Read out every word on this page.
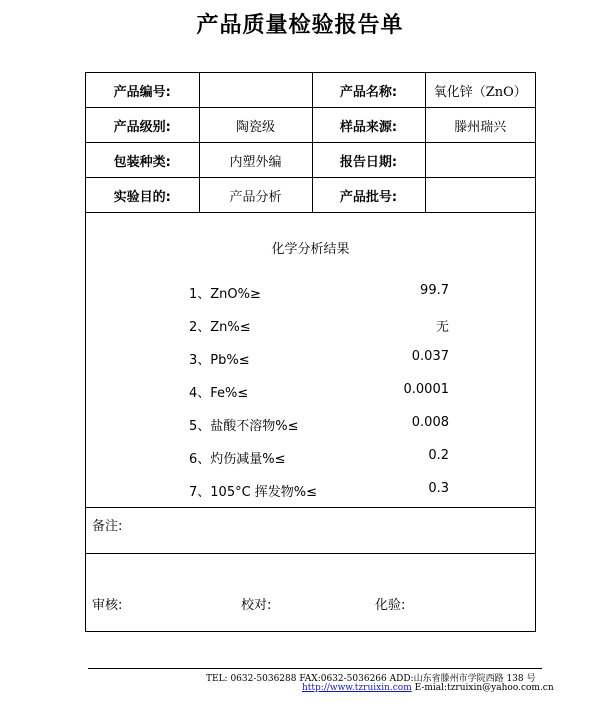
产品质量检验报告单
产品编号:		产品名称:	氧化锌（ZnO）
产品级别:	陶瓷级	样品来源:	滕州瑞兴
包装种类:	内塑外编	报告日期:	
实验目的:	产品分析	产品批号:	
化学分析结果
1、ZnO%≥	99.7
2、Zn%≤	无
3、Pb%≤	0.037
4、Fe%≤	0.0001
5、盐酸不溶物%≤	0.008
6、灼伤减量%≤	0.2
7、105°C 挥发物%≤	0.3
备注:
审核:	校对:	化验:
TEL: 0632-5036288 FAX:0632-5036266 ADD:山东省滕州市学院西路 138 号
http://www.tzruixin.com E-mial:tzruixin@yahoo.com.cn
